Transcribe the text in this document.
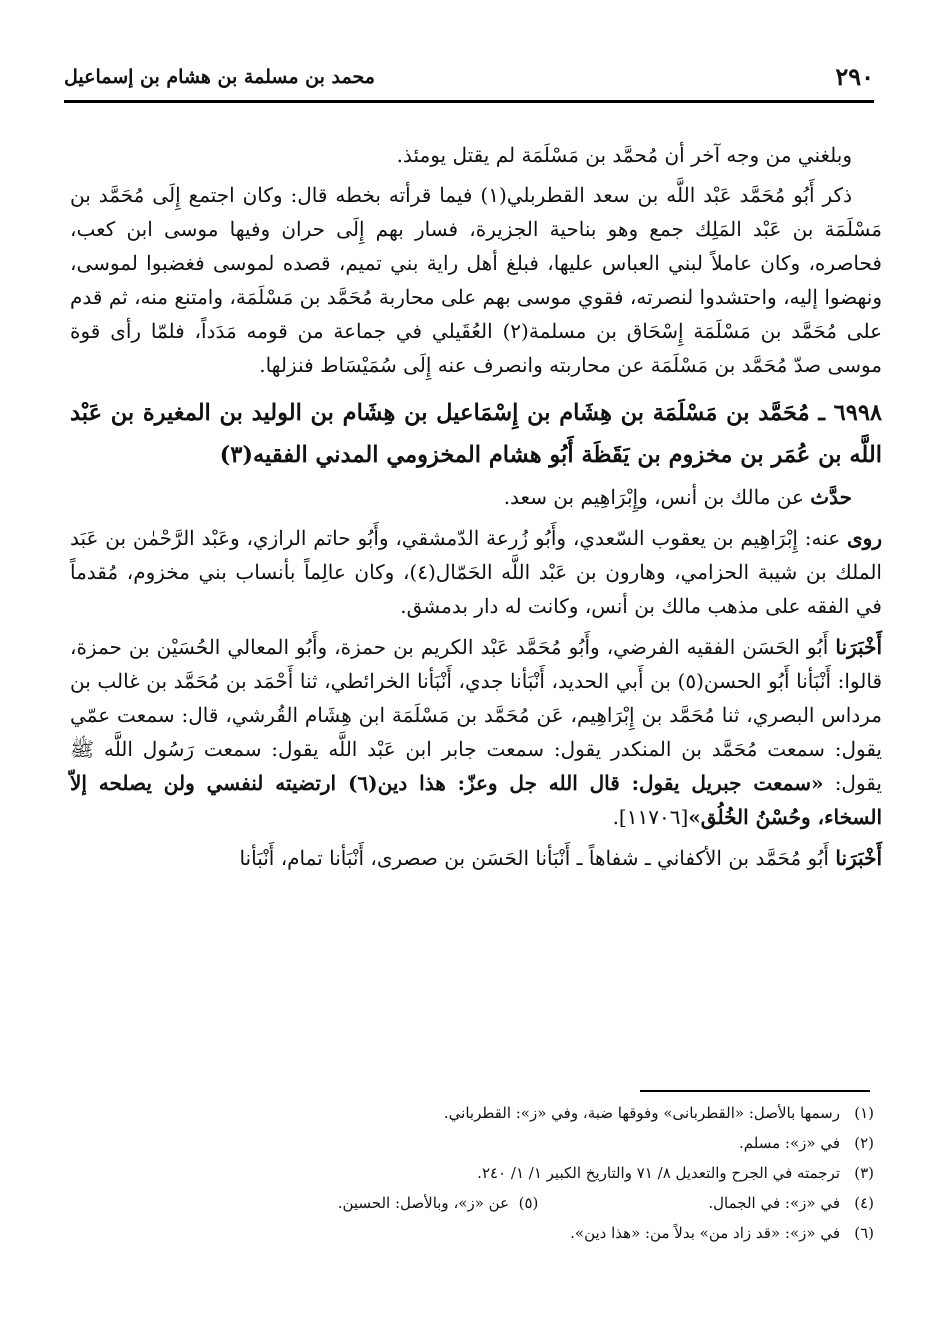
٢٩٠
محمد بن مسلمة بن هشام بن إسماعيل

وبلغني من وجه آخر أن مُحمَّد بن مَسْلَمَة لم يقتل يومئذ.

ذكر أَبُو مُحَمَّد عَبْد اللَّه بن سعد القطربلي(١) فيما قرأته بخطه قال: وكان اجتمع إِلَى مُحَمَّد بن مَسْلَمَة بن عَبْد المَلِك جمع وهو بناحية الجزيرة، فسار بهم إِلَى حران وفيها موسى ابن كعب، فحاصره، وكان عاملاً لبني العباس عليها، فبلغ أهل راية بني تميم، قصده لموسى فغضبوا لموسى، ونهضوا إليه، واحتشدوا لنصرته، فقوي موسى بهم على محاربة مُحَمَّد بن مَسْلَمَة، وامتنع منه، ثم قدم على مُحَمَّد بن مَسْلَمَة إِسْحَاق بن مسلمة(٢) العُقَيلي في جماعة من قومه مَدَداً، فلمّا رأى قوة موسى صدّ مُحَمَّد بن مَسْلَمَة عن محاربته وانصرف عنه إِلَى سُمَيْسَاط فنزلها.

٦٩٩٨ ـ مُحَمَّد بن مَسْلَمَة بن هِشَام بن إِسْمَاعيل بن هِشَام بن الوليد بن المغيرة بن عَبْد اللَّه بن عُمَر بن مخزوم بن يَقَظَة أَبُو هشام المخزومي المدني الفقيه(٣)

حدَّث عن مالك بن أنس، وإِبْرَاهِيم بن سعد.

روى عنه: إِبْرَاهِيم بن يعقوب السّعدي، وأَبُو زُرعة الدّمشقي، وأَبُو حاتم الرازي، وعَبْد الرَّحْمٰن بن عَبَد الملك بن شيبة الحزامي، وهارون بن عَبْد اللَّه الحَمّال(٤)، وكان عالِماً بأنساب بني مخزوم، مُقدماً في الفقه على مذهب مالك بن أنس، وكانت له دار بدمشق.

أَخْبَرَنا أَبُو الحَسَن الفقيه الفرضي، وأَبُو مُحَمَّد عَبْد الكريم بن حمزة، وأَبُو المعالي الحُسَيْن بن حمزة، قالوا: أَنْبَأنا أَبُو الحسن(٥) بن أَبي الحديد، أَنْبَأنا جدي، أَنْبَأنا الخرائطي، ثنا أَحْمَد بن مُحَمَّد بن غالب بن مرداس البصري، ثنا مُحَمَّد بن إِبْرَاهِيم، عَن مُحَمَّد بن مَسْلَمَة ابن هِشَام القُرشي، قال: سمعت عمّي يقول: سمعت مُحَمَّد بن المنكدر يقول: سمعت جابر ابن عَبْد اللَّه يقول: سمعت رَسُول اللَّه ﷺ يقول: «سمعت جبريل يقول: قال الله جل وعزّ: هذا دين(٦) ارتضيته لنفسي ولن يصلحه إلاّ السخاء، وحُسْنُ الخُلُق»[١١٧٠٦].

أَخْبَرَنا أَبُو مُحَمَّد بن الأكفاني ـ شفاهاً ـ أَنْبَأنا الحَسَن بن صصرى، أَنْبَأنا تمام، أَنْبَأنا

(١)رسمها بالأصل: «القطربانى» وفوقها ضبة، وفي «ز»: القطرباني.
(٢)في «ز»: مسلم.
(٣)ترجمته في الجرح والتعديل ٨/ ٧١ والتاريخ الكبير ١/ ١/ ٢٤٠.
(٤)في «ز»: في الجمال.(٥)  عن «ز»، وبالأصل: الحسين.
(٦)في «ز»: «قد زاد من» بدلاً من: «هذا دين».
